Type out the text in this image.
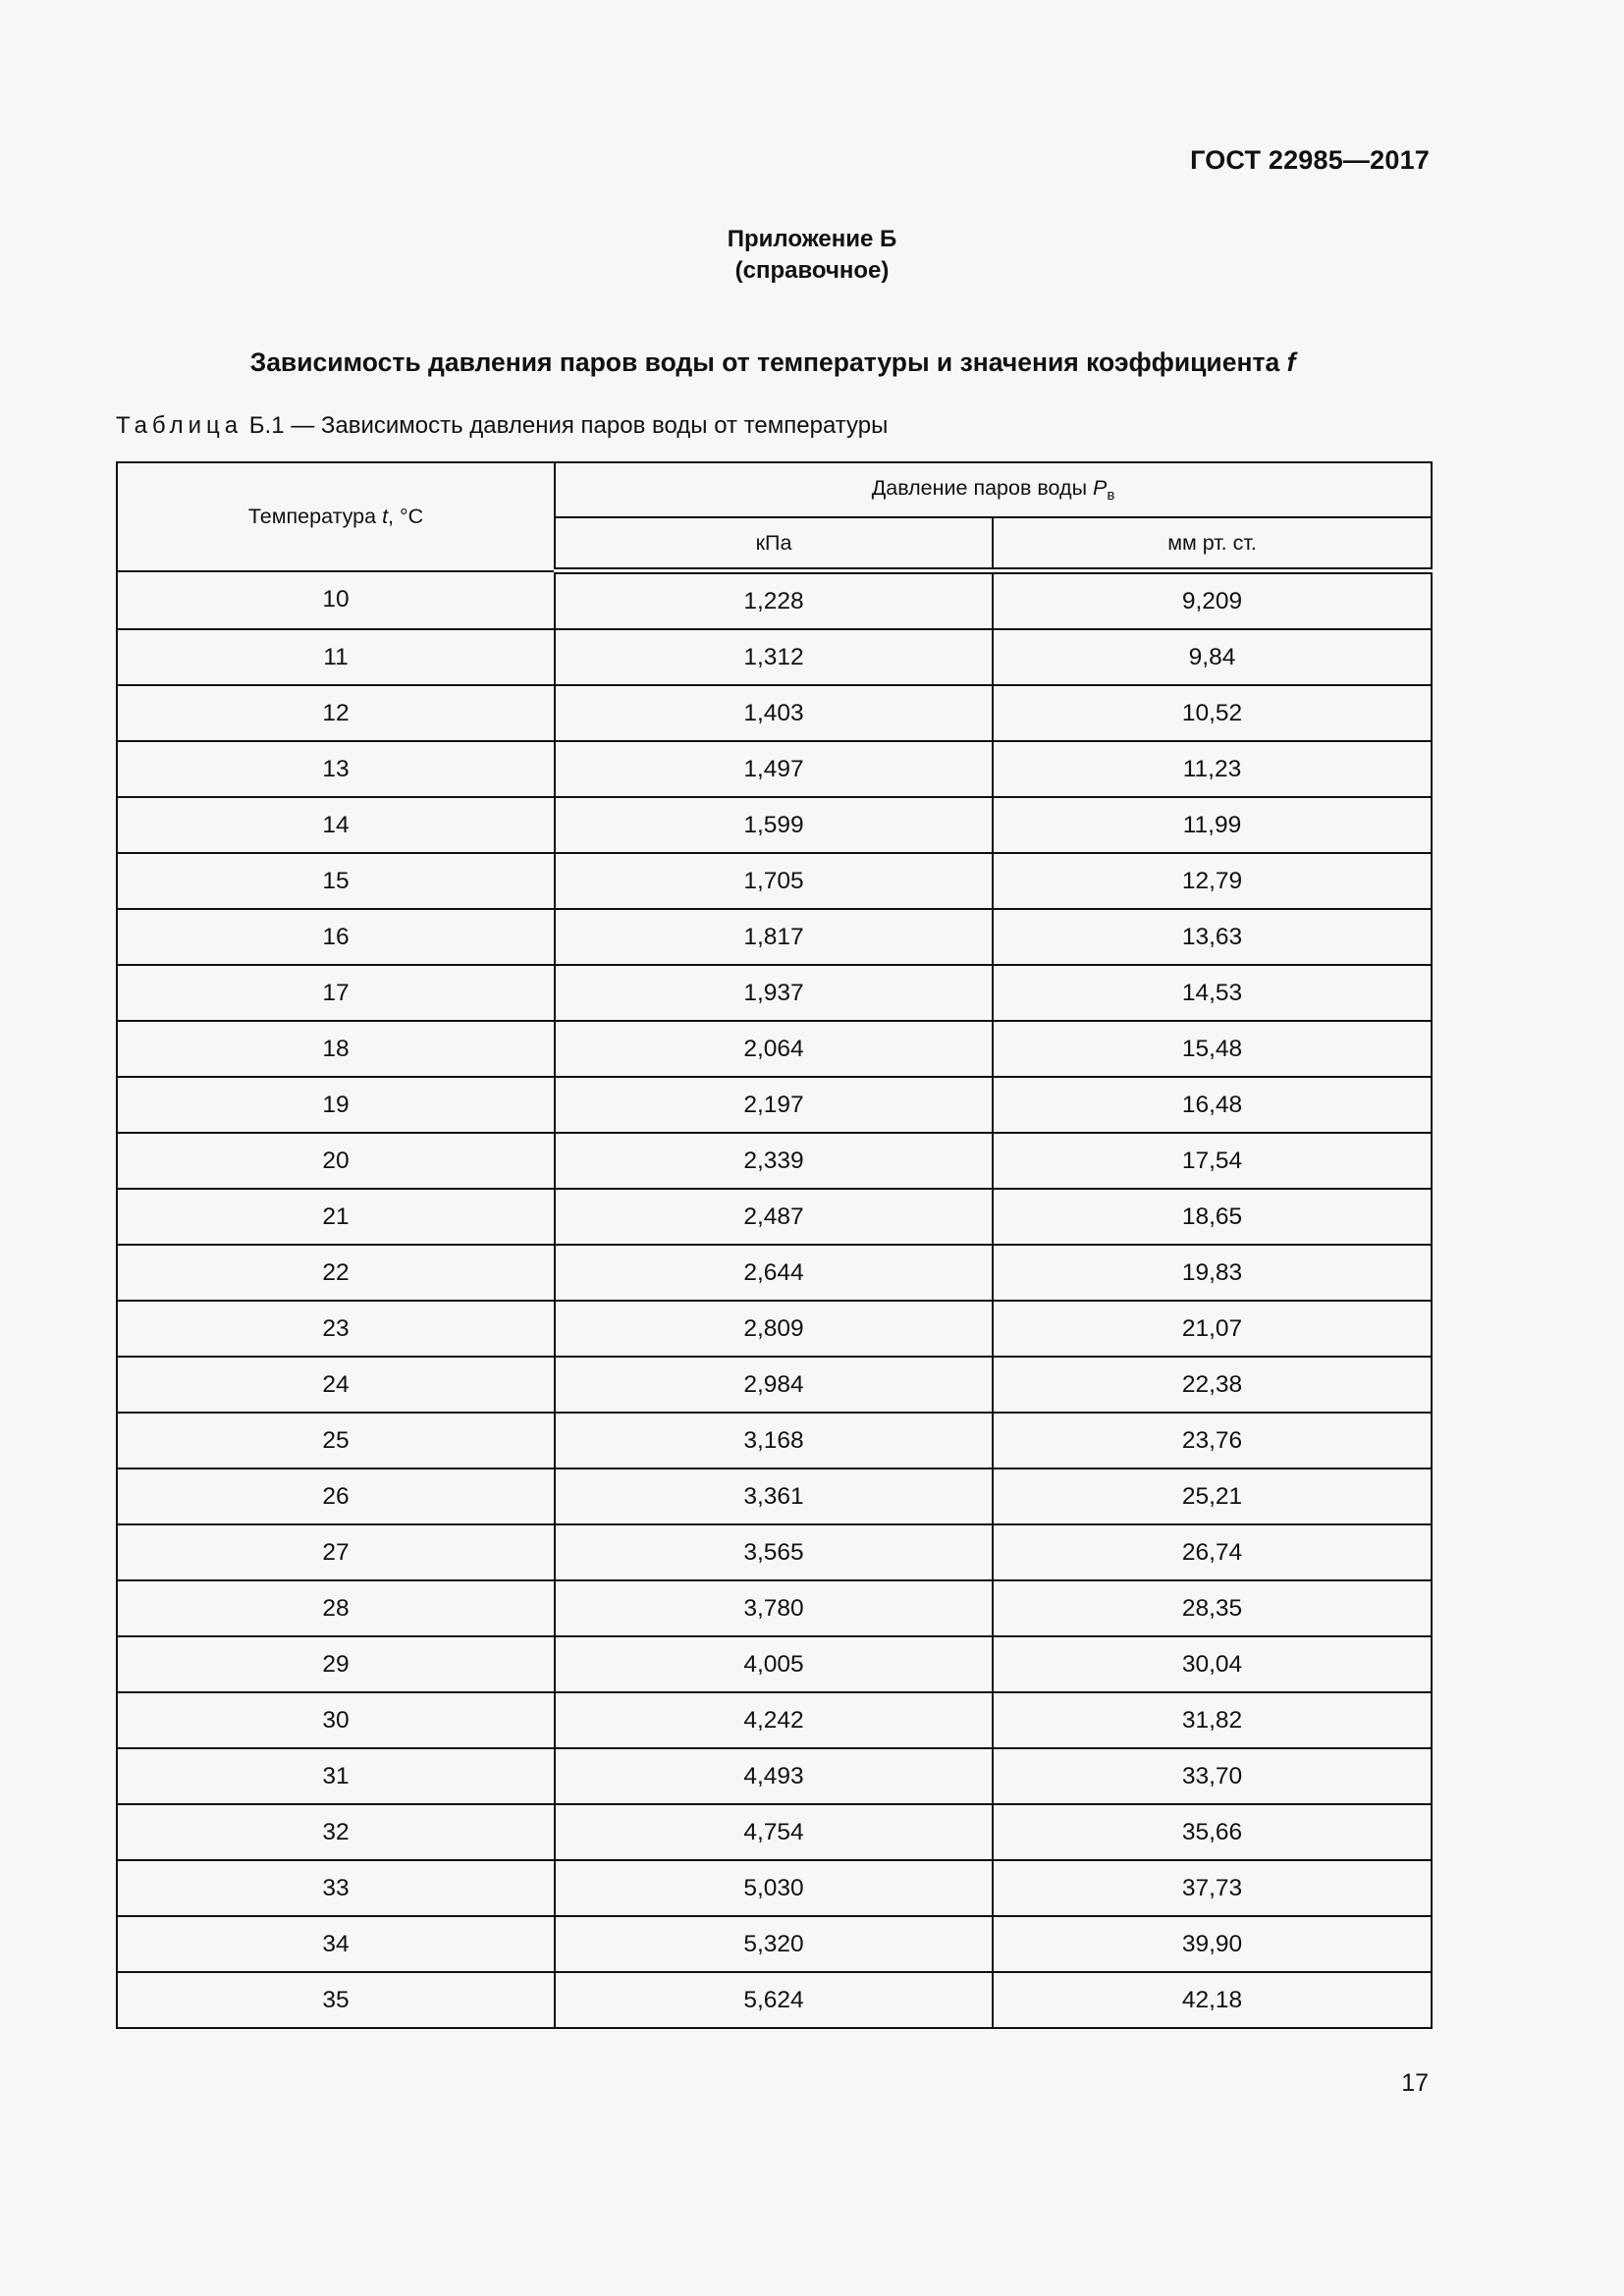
ГОСТ 22985—2017
Приложение Б
(справочное)
Зависимость давления паров воды от температуры и значения коэффициента f
Таблица Б.1 — Зависимость давления паров воды от температуры
Температура t, °C	Давление паров воды $P_в$
	кПа	мм рт. ст.
10	1,228	9,209
11	1,312	9,84
12	1,403	10,52
13	1,497	11,23
14	1,599	11,99
15	1,705	12,79
16	1,817	13,63
17	1,937	14,53
18	2,064	15,48
19	2,197	16,48
20	2,339	17,54
21	2,487	18,65
22	2,644	19,83
23	2,809	21,07
24	2,984	22,38
25	3,168	23,76
26	3,361	25,21
27	3,565	26,74
28	3,780	28,35
29	4,005	30,04
30	4,242	31,82
31	4,493	33,70
32	4,754	35,66
33	5,030	37,73
34	5,320	39,90
35	5,624	42,18
17
